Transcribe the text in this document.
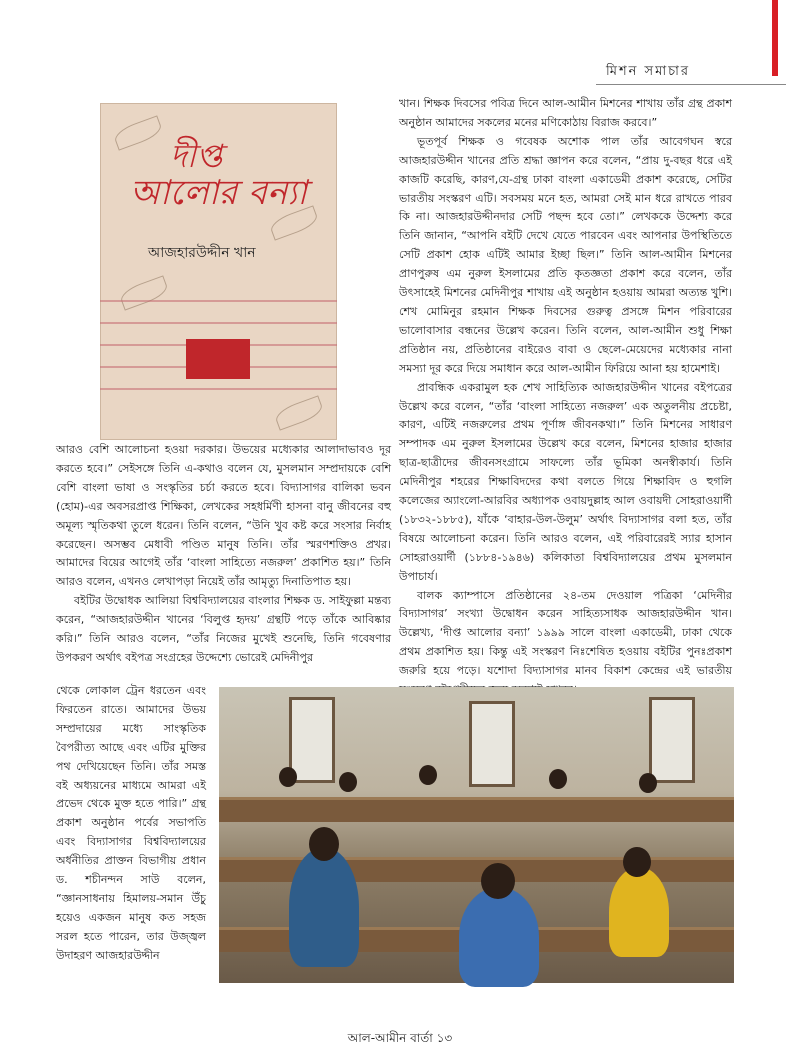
মিশন সমাচার
দীপ্ত
আলোর বন্যা
আজহারউদ্দীন খান

খান। শিক্ষক দিবসের পবিত্র দিনে আল-আমীন মিশনের শাখায় তাঁর গ্রন্থ প্রকাশ অনুষ্ঠান আমাদের সকলের মনের মণিকোঠায় বিরাজ করবে।”

ভূতপূর্ব শিক্ষক ও গবেষক অশোক পাল তাঁর আবেগঘন স্বরে আজহারউদ্দীন খানের প্রতি শ্রদ্ধা জ্ঞাপন করে বলেন, “প্রায় দু-বছর ধরে এই কাজটি করেছি, কারণ,যে-গ্রন্থ ঢাকা বাংলা একাডেমী প্রকাশ করেছে, সেটির ভারতীয় সংস্করণ এটি। সবসময় মনে হত, আমরা সেই মান ধরে রাখতে পারব কি না। আজহারউদ্দীনদার সেটি পছন্দ হবে তো।” লেখককে উদ্দেশ্য করে তিনি জানান, “আপনি বইটি দেখে যেতে পারবেন এবং আপনার উপস্থিতিতে সেটি প্রকাশ হোক এটিই আমার ইচ্ছা ছিল।” তিনি আল-আমীন মিশনের প্রাণপুরুষ এম নুরুল ইসলামের প্রতি কৃতজ্ঞতা প্রকাশ করে বলেন, তাঁর উৎসাহেই মিশনের মেদিনীপুর শাখায় এই অনুষ্ঠান হওয়ায় আমরা অত্যন্ত খুশি। শেখ মোমিনুর রহমান শিক্ষক দিবসের গুরুত্ব প্রসঙ্গে মিশন পরিবারের ভালোবাসার বন্ধনের উল্লেখ করেন। তিনি বলেন, আল-আমীন শুধু শিক্ষা প্রতিষ্ঠান নয়, প্রতিষ্ঠানের বাইরেও বাবা ও ছেলে-মেয়েদের মধ্যেকার নানা সমস্যা দূর করে দিয়ে সমাধান করে আল-আমীন ফিরিয়ে আনা হয় হামেশাই।

প্রাবন্ধিক একরামুল হক শেখ সাহিত্যিক আজহারউদ্দীন খানের বইপত্রের উল্লেখ করে বলেন, “তাঁর ‘বাংলা সাহিত্যে নজরুল’ এক অতুলনীয় প্রচেষ্টা, কারণ, এটিই নজরুলের প্রথম পূর্ণাঙ্গ জীবনকথা।” তিনি মিশনের সাধারণ সম্পাদক এম নুরুল ইসলামের উল্লেখ করে বলেন, মিশনের হাজার হাজার ছাত্র-ছাত্রীদের জীবনসংগ্রামে সাফল্যে তাঁর ভূমিকা অনস্বীকার্য। তিনি মেদিনীপুর শহরের শিক্ষাবিদদের কথা বলতে গিয়ে শিক্ষাবিদ ও হুগলি কলেজের অ্যাংলো-আরবির অধ্যাপক ওবায়দুল্লাহ আল ওবায়দী সোহরাওয়ার্দী (১৮৩২-১৮৮৫), যাঁকে ‘বাহার-উল-উলুম’ অর্থাৎ বিদ্যাসাগর বলা হত, তাঁর বিষয়ে আলোচনা করেন। তিনি আরও বলেন, এই পরিবারেরই স্যার হাসান সোহরাওয়ার্দী (১৮৮৪-১৯৪৬) কলিকাতা বিশ্ববিদ্যালয়ের প্রথম মুসলমান উপাচার্য।

বালক ক্যাম্পাসে প্রতিষ্ঠানের ২৪-তম দেওয়াল পত্রিকা ‘মেদিনীর বিদ্যাসাগর’ সংখ্যা উদ্বোধন করেন সাহিত্যসাধক আজহারউদ্দীন খান। উল্লেখ্য, ‘দীপ্ত আলোর বন্যা’ ১৯৯৯ সালে বাংলা একাডেমী, ঢাকা থেকে প্রথম প্রকাশিত হয়। কিন্তু এই সংস্করণ নিঃশেষিত হওয়ায় বইটির পুনঃপ্রকাশ জরুরি হয়ে পড়ে। যশোদা বিদ্যাসাগর মানব বিকাশ কেন্দ্রের এই ভারতীয়

আরও বেশি আলোচনা হওয়া দরকার। উভয়ের মধ্যেকার আলাদাভাবও দূর করতে হবে।” সেইসঙ্গে তিনি এ-কথাও বলেন যে, মুসলমান সম্প্রদায়কে বেশি বেশি বাংলা ভাষা ও সংস্কৃতির চর্চা করতে হবে। বিদ্যাসাগর বালিকা ভবন (হোম)-এর অবসরপ্রাপ্ত শিক্ষিকা, লেখকের সহধর্মিণী হাসনা বানু জীবনের বহু অমূল্য স্মৃতিকথা তুলে ধরেন। তিনি বলেন, “উনি খুব কষ্ট করে সংসার নির্বাহ করেছেন। অসম্ভব মেধাবী পণ্ডিত মানুষ তিনি। তাঁর স্মরণশক্তিও প্রখর। আমাদের বিয়ের আগেই তাঁর ‘বাংলা সাহিত্যে নজরুল’ প্রকাশিত হয়।” তিনি আরও বলেন, এখনও লেখাপড়া নিয়েই তাঁর আমৃত্যু দিনাতিপাত হয়।

বইটির উদ্বোধক আলিয়া বিশ্ববিদ্যালয়ের বাংলার শিক্ষক ড. সাইফুল্লা মন্তব্য করেন, “আজহারউদ্দীন খানের ‘বিলুপ্ত হৃদয়’ গ্রন্থটি পড়ে তাঁকে আবিষ্কার করি।” তিনি আরও বলেন, “তাঁর নিজের মুখেই শুনেছি, তিনি গবেষণার উপকরণ অর্থাৎ বইপত্র সংগ্রহের উদ্দেশ্যে ভোরেই মেদিনীপুর

থেকে লোকাল ট্রেন ধরতেন এবং ফিরতেন রাতে। আমাদের উভয় সম্প্রদায়ের মধ্যে সাংস্কৃতিক বৈপরীত্য আছে এবং এটির মুক্তির পথ দেখিয়েছেন তিনি। তাঁর সমস্ত বই অধ্যয়নের মাধ্যমে আমরা এই প্রভেদ থেকে মুক্ত হতে পারি।” গ্রন্থ প্রকাশ অনুষ্ঠান পর্বের সভাপতি এবং বিদ্যাসাগর বিশ্ববিদ্যালয়ের অর্ধনীতির প্রাক্তন বিভাগীয় প্রধান ড. শচীনন্দন সাউ বলেন, “জ্ঞানসাধনায় হিমালয়-সমান উঁচু হয়েও একজন মানুষ কত সহজ সরল হতে পারেন, তার উজ্জ্বল উদাহরণ আজহারউদ্দীন

আল-আমীন বার্তা ১৩
